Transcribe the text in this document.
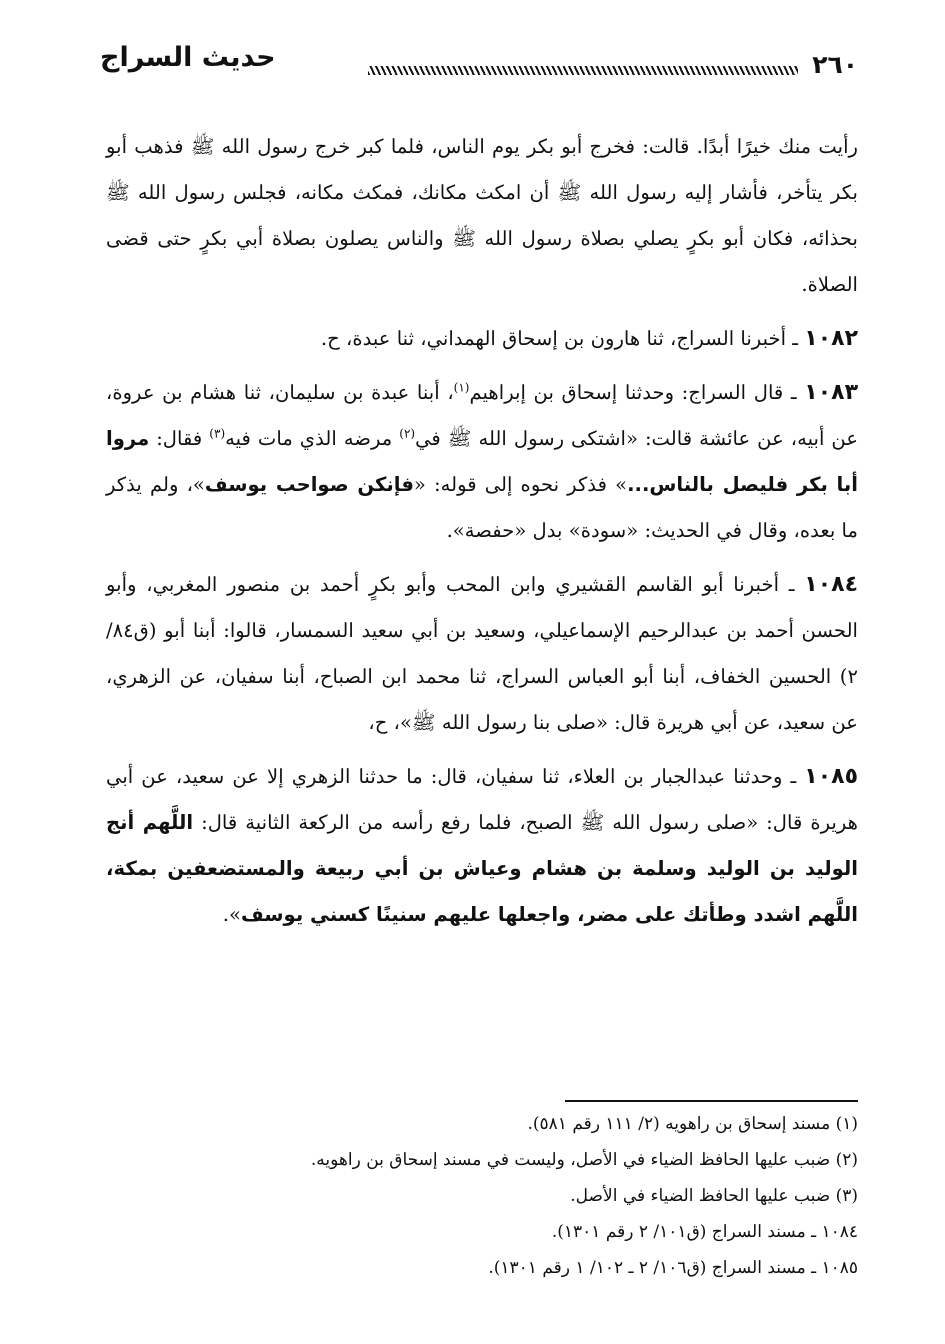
حديث السراج	٢٦٠

رأيت منك خيرًا أبدًا. قالت: فخرج أبو بكر يوم الناس، فلما كبر خرج رسول الله ﷺ فذهب أبو بكر يتأخر، فأشار إليه رسول الله ﷺ أن امكث مكانك، فمكث مكانه، فجلس رسول الله ﷺ بحذائه، فكان أبو بكرٍ يصلي بصلاة رسول الله ﷺ والناس يصلون بصلاة أبي بكرٍ حتى قضى الصلاة.

١٠٨٢ ـ أخبرنا السراج، ثنا هارون بن إسحاق الهمداني، ثنا عبدة، ح.

١٠٨٣ ـ قال السراج: وحدثنا إسحاق بن إبراهيم$^{(١)}$، أبنا عبدة بن سليمان، ثنا هشام بن عروة، عن أبيه، عن عائشة قالت: «اشتكى رسول الله ﷺ في$^{(٢)}$ مرضه الذي مات فيه$^{(٣)}$ فقال: مروا أبا بكر فليصل بالناس...» فذكر نحوه إلى قوله: «فإنكن صواحب يوسف»، ولم يذكر ما بعده، وقال في الحديث: «سودة» بدل «حفصة».

١٠٨٤ ـ أخبرنا أبو القاسم القشيري وابن المحب وأبو بكرٍ أحمد بن منصور المغربي، وأبو الحسن أحمد بن عبدالرحيم الإسماعيلي، وسعيد بن أبي سعيد السمسار، قالوا: أبنا أبو (ق٨٤/ ٢) الحسين الخفاف، أبنا أبو العباس السراج، ثنا محمد ابن الصباح، أبنا سفيان، عن الزهري، عن سعيد، عن أبي هريرة قال: «صلى بنا رسول الله ﷺ»، ح،

١٠٨٥ ـ وحدثنا عبدالجبار بن العلاء، ثنا سفيان، قال: ما حدثنا الزهري إلا عن سعيد، عن أبي هريرة قال: «صلى رسول الله ﷺ الصبح، فلما رفع رأسه من الركعة الثانية قال: اللَّهم أنج الوليد بن الوليد وسلمة بن هشام وعياش بن أبي ربيعة والمستضعفين بمكة، اللَّهم اشدد وطأتك على مضر، واجعلها عليهم سنينًا كسني يوسف».

(١) مسند إسحاق بن راهويه (٢/ ١١١ رقم ٥٨١).
(٢) ضبب عليها الحافظ الضياء في الأصل، وليست في مسند إسحاق بن راهويه.
(٣) ضبب عليها الحافظ الضياء في الأصل.
١٠٨٤ ـ مسند السراج (ق١٠١/ ٢ رقم ١٣٠١).
١٠٨٥ ـ مسند السراج (ق١٠٦/ ٢ ـ ١٠٢/ ١ رقم ١٣٠١).
